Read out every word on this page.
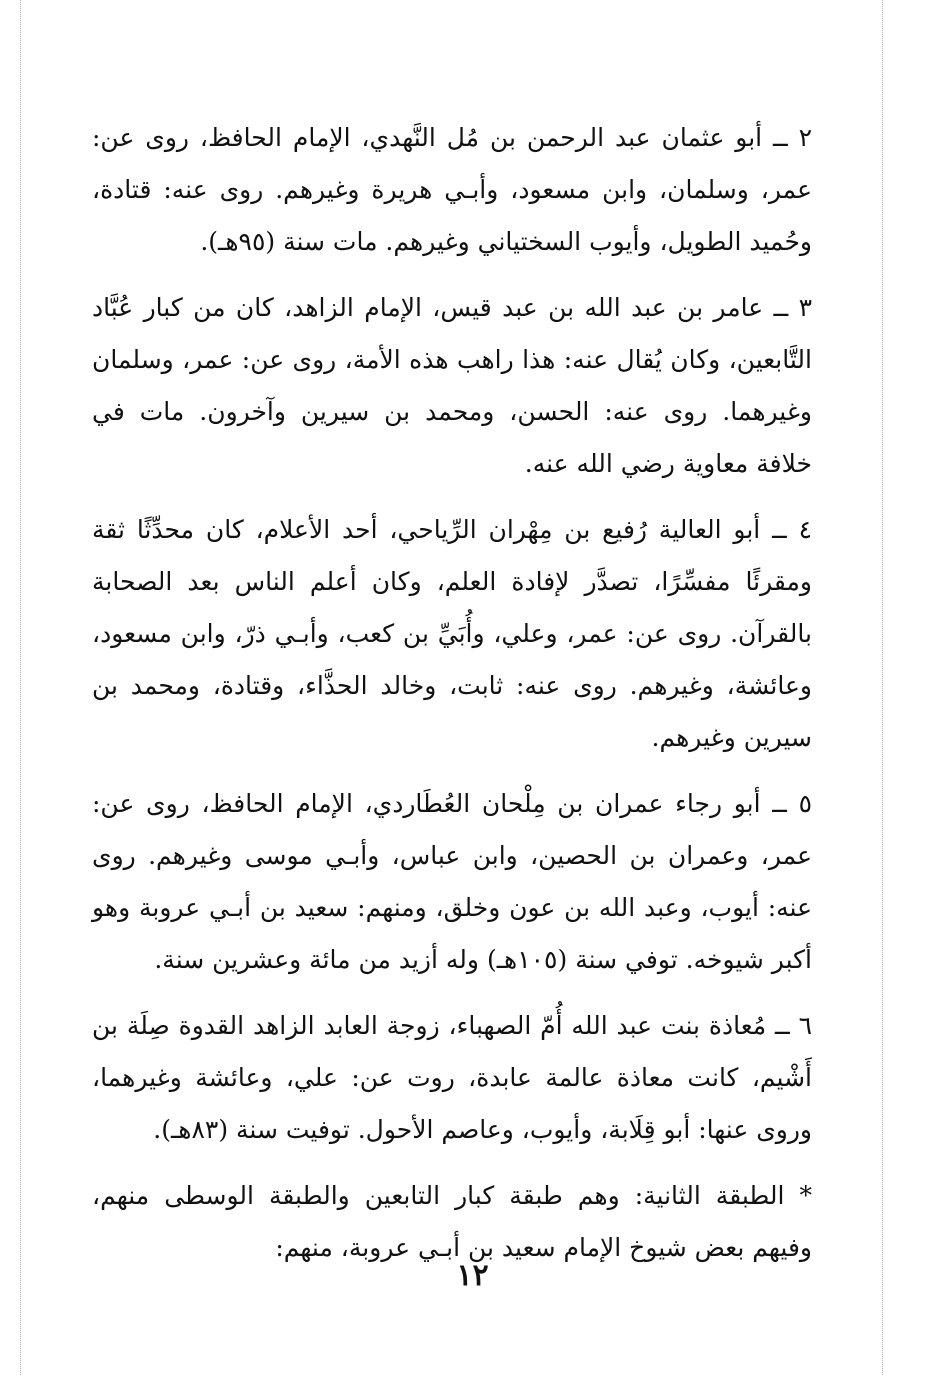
٢ ــ أبو عثمان عبد الرحمن بن مُل النَّهدي، الإمام الحافظ، روى عن: عمر، وسلمان، وابن مسعود، وأبـي هريرة وغيرهم. روى عنه: قتادة، وحُميد الطويل، وأيوب السختياني وغيرهم. مات سنة (٩٥هـ).

٣ ــ عامر بن عبد الله بن عبد قيس، الإمام الزاهد، كان من كبار عُبَّاد التَّابعين، وكان يُقال عنه: هذا راهب هذه الأمة، روى عن: عمر، وسلمان وغيرهما. روى عنه: الحسن، ومحمد بن سيرين وآخرون. مات في خلافة معاوية رضي الله عنه.

٤ ــ أبو العالية رُفيع بن مِهْران الرِّياحي، أحد الأعلام، كان محدِّثًا ثقة ومقرئًا مفسِّرًا، تصدَّر لإفادة العلم، وكان أعلم الناس بعد الصحابة بالقرآن. روى عن: عمر، وعلي، وأُبَيِّ بن كعب، وأبـي ذرّ، وابن مسعود، وعائشة، وغيرهم. روى عنه: ثابت، وخالد الحذَّاء، وقتادة، ومحمد بن سيرين وغيرهم.

٥ ــ أبو رجاء عمران بن مِلْحان العُطَاردي، الإمام الحافظ، روى عن: عمر، وعمران بن الحصين، وابن عباس، وأبـي موسى وغيرهم. روى عنه: أيوب، وعبد الله بن عون وخلق، ومنهم: سعيد بن أبـي عروبة وهو أكبر شيوخه. توفي سنة (١٠٥هـ) وله أزيد من مائة وعشرين سنة.

٦ ــ مُعاذة بنت عبد الله أُمّ الصهباء، زوجة العابد الزاهد القدوة صِلَة بن أَشْيم، كانت معاذة عالمة عابدة، روت عن: علي، وعائشة وغيرهما، وروى عنها: أبو قِلَابة، وأيوب، وعاصم الأحول. توفيت سنة (٨٣هـ).

* الطبقة الثانية: وهم طبقة كبار التابعين والطبقة الوسطى منهم، وفيهم بعض شيوخ الإمام سعيد بن أبـي عروبة، منهم:

١٢
